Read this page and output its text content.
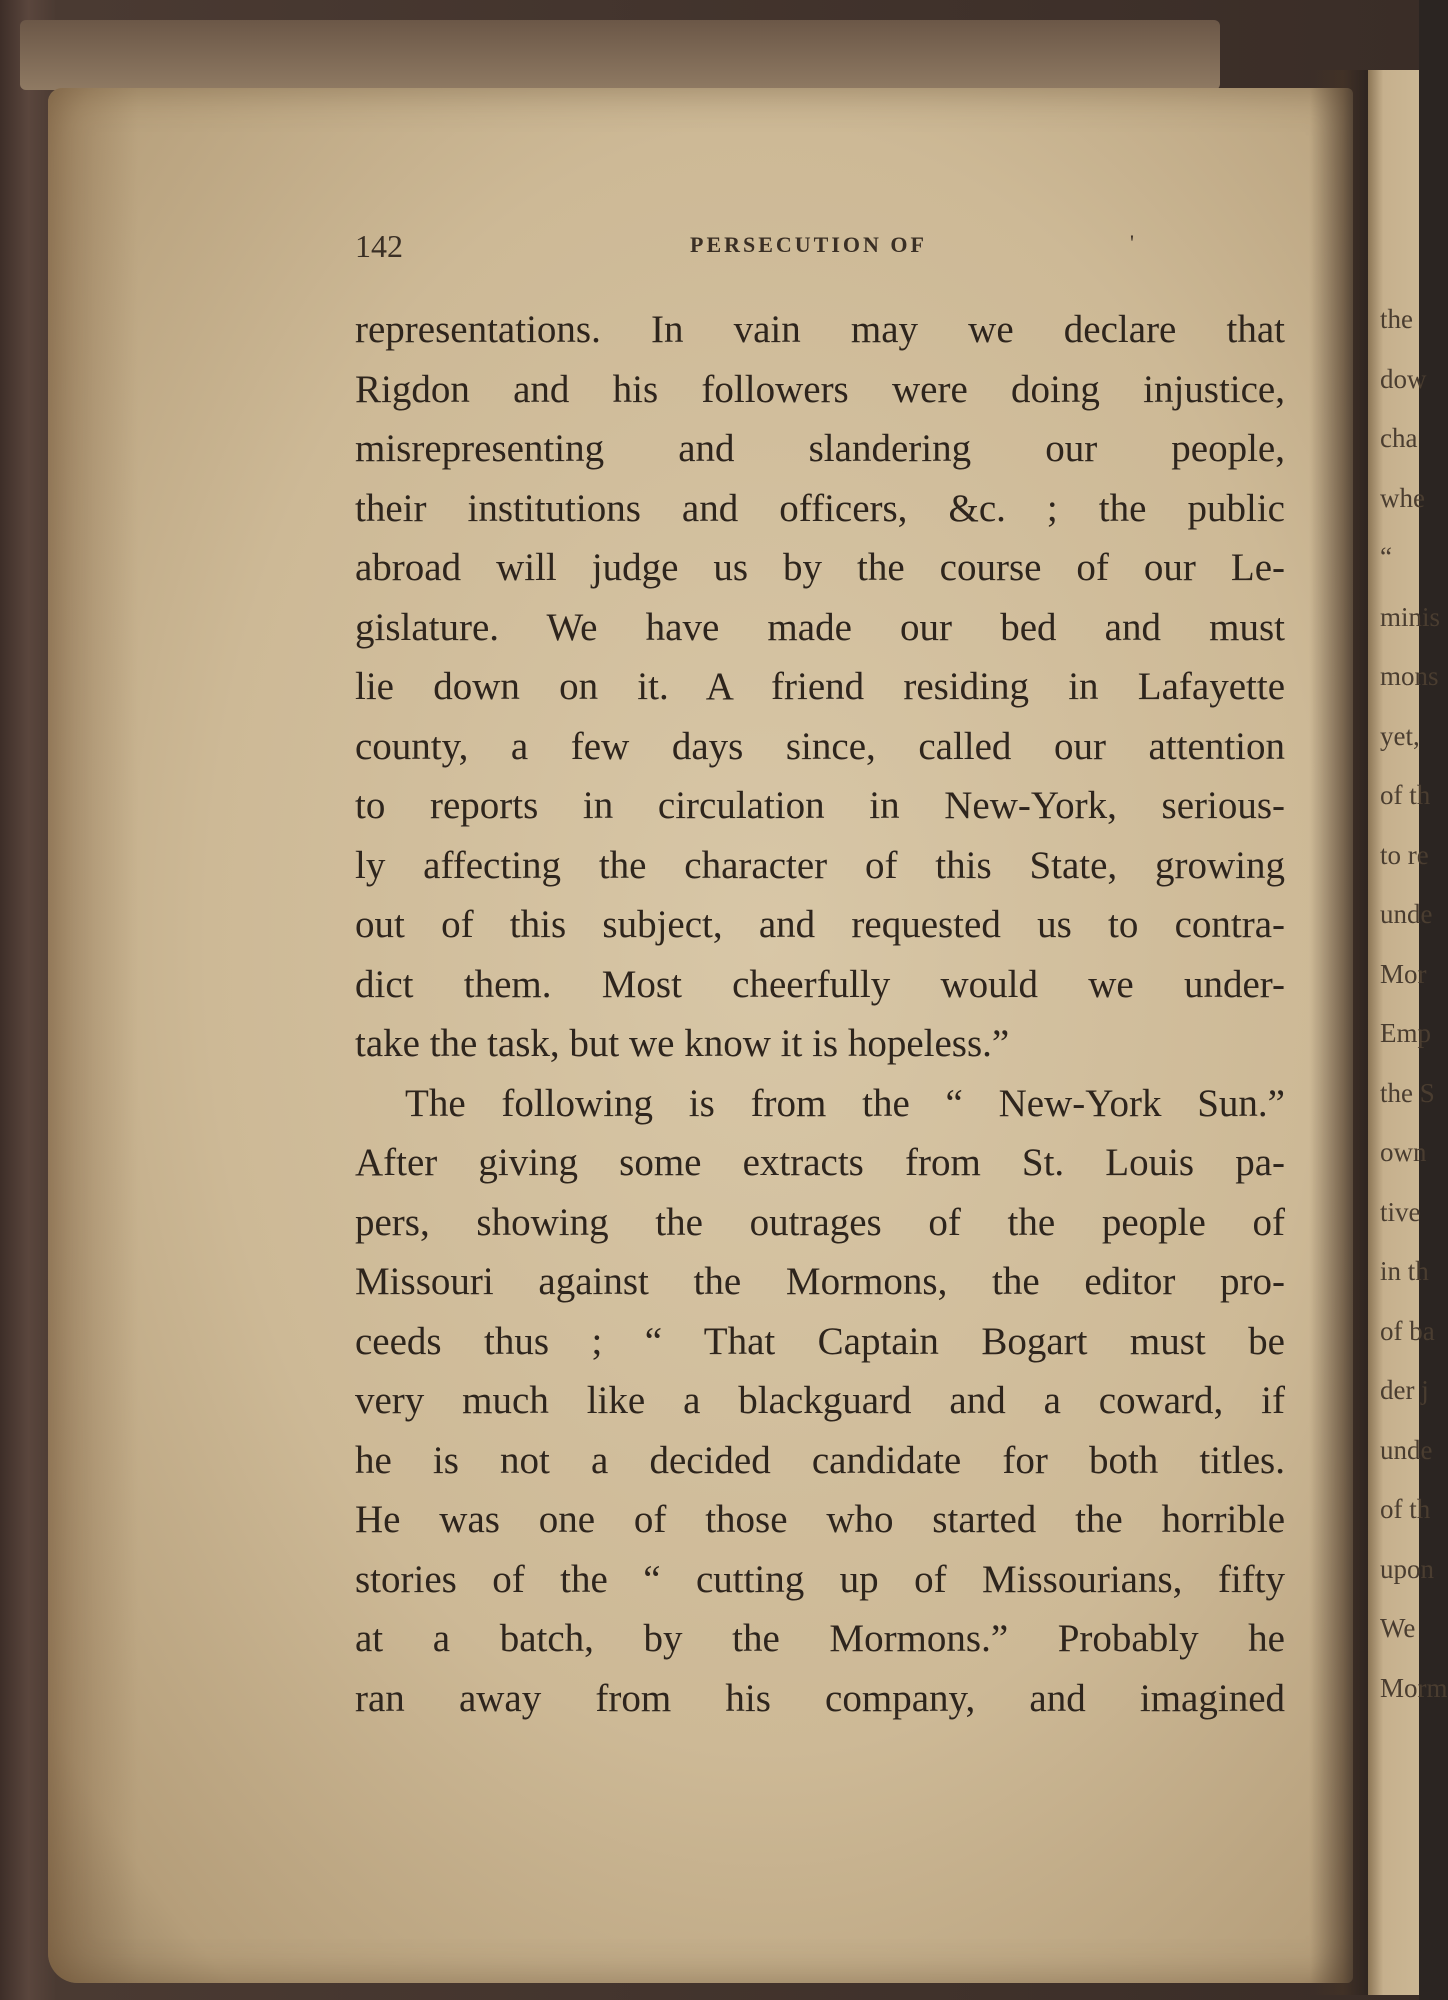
142	PERSECUTION OF	'
representations. In vain may we declare that
Rigdon and his followers were doing injustice,
misrepresenting and slandering our people,
their institutions and officers, &c. ; the public
abroad will judge us by the course of our Le-
gislature. We have made our bed and must
lie down on it. A friend residing in Lafayette
county, a few days since, called our attention
to reports in circulation in New-York, serious-
ly affecting the character of this State, growing
out of this subject, and requested us to contra-
dict them. Most cheerfully would we under-
take the task, but we know it is hopeless.”
The following is from the “ New-York Sun.”
After giving some extracts from St. Louis pa-
pers, showing the outrages of the people of
Missouri against the Mormons, the editor pro-
ceeds thus ; “ That Captain Bogart must be
very much like a blackguard and a coward, if
he is not a decided candidate for both titles.
He was one of those who started the horrible
stories of the “ cutting up of Missourians, fifty
at a batch, by the Mormons.” Probably he
ran away from his company, and imagined
the
dow
cha
whe
“
minis
mons
yet,
of th
to re
unde
Mor
Emp
the S
own
tive
in th
of ba
der j
unde
of th
upon
We
Morm
